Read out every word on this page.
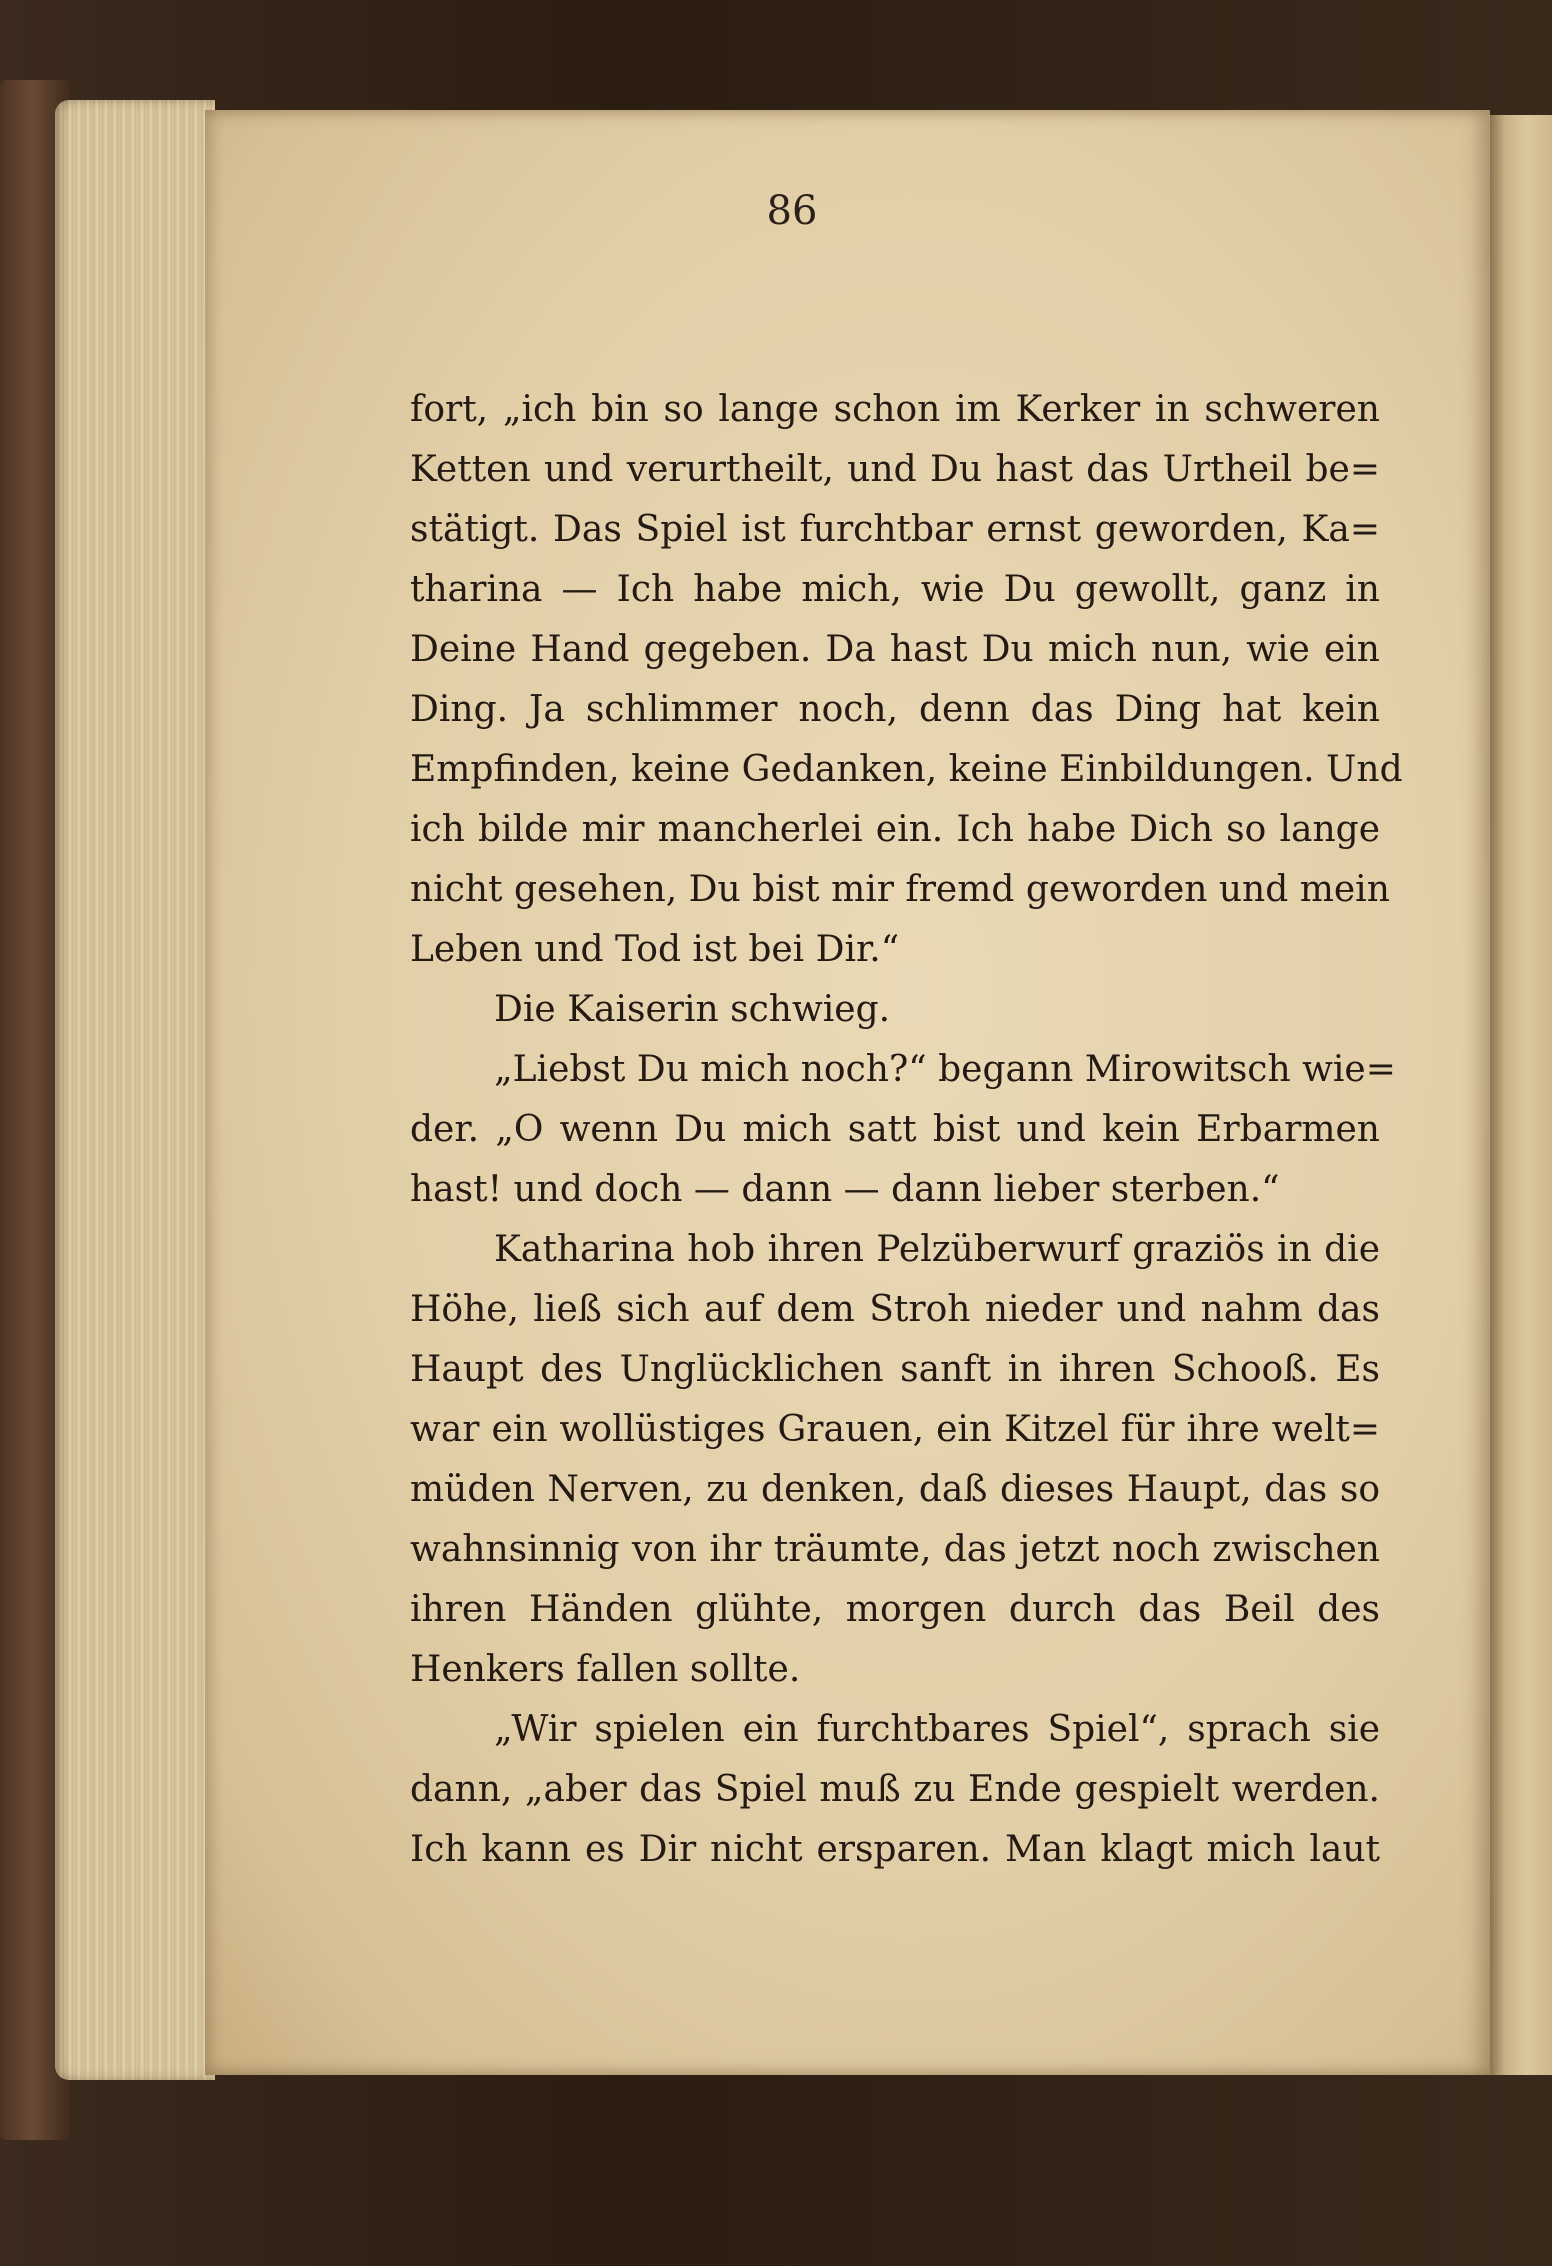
86
fort, „ich bin so lange schon im Kerker in schweren
Ketten und verurtheilt, und Du hast das Urtheil be=
stätigt. Das Spiel ist furchtbar ernst geworden, Ka=
tharina — Ich habe mich, wie Du gewollt, ganz in
Deine Hand gegeben. Da hast Du mich nun, wie ein
Ding. Ja schlimmer noch, denn das Ding hat kein
Empfinden, keine Gedanken, keine Einbildungen. Und
ich bilde mir mancherlei ein. Ich habe Dich so lange
nicht gesehen, Du bist mir fremd geworden und mein
Leben und Tod ist bei Dir.“
Die Kaiserin schwieg.
„Liebst Du mich noch?“ begann Mirowitsch wie=
der. „O wenn Du mich satt bist und kein Erbarmen
hast! und doch — dann — dann lieber sterben.“
Katharina hob ihren Pelzüberwurf graziös in die
Höhe, ließ sich auf dem Stroh nieder und nahm das
Haupt des Unglücklichen sanft in ihren Schooß. Es
war ein wollüstiges Grauen, ein Kitzel für ihre welt=
müden Nerven, zu denken, daß dieses Haupt, das so
wahnsinnig von ihr träumte, das jetzt noch zwischen
ihren Händen glühte, morgen durch das Beil des
Henkers fallen sollte.
„Wir spielen ein furchtbares Spiel“, sprach sie
dann, „aber das Spiel muß zu Ende gespielt werden.
Ich kann es Dir nicht ersparen. Man klagt mich laut
